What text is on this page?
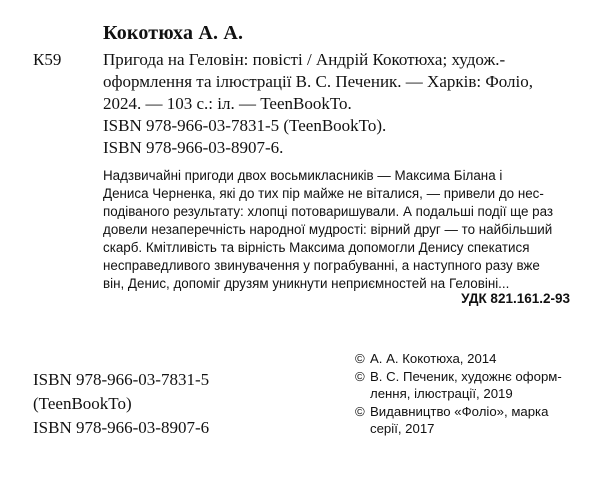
Кокотюха А. А.
К59 Пригода на Геловін: повісті / Андрій Кокотюха; худож.-
оформлення та ілюстрації В. С. Печеник. — Харків: Фоліо,
2024. — 103 с.: іл. — TeenBookTo.
ISBN 978-966-03-7831-5 (TeenBookTo).
ISBN 978-966-03-8907-6.
Надзвичайні пригоди двох восьмикласників — Максима Білана і
Дениса Черненка, які до тих пір майже не віталися, — привели до нес-
подіваного результату: хлопці потоваришували. А подальші події ще раз
довели незаперечність народної мудрості: вірний друг — то найбільший
скарб. Кмітливість та вірність Максима допомогли Денису спекатися
несправедливого звинувачення у пограбуванні, а наступного разу вже
він, Денис, допоміг друзям уникнути неприємностей на Геловіні...
УДК 821.161.2-93
ISBN 978-966-03-7831-5
(TeenBookTo)
ISBN 978-966-03-8907-6
© А. А. Кокотюха, 2014
© В. С. Печеник, художнє оформ-
лення, ілюстрації, 2019
© Видавництво «Фоліо», марка
серії, 2017
